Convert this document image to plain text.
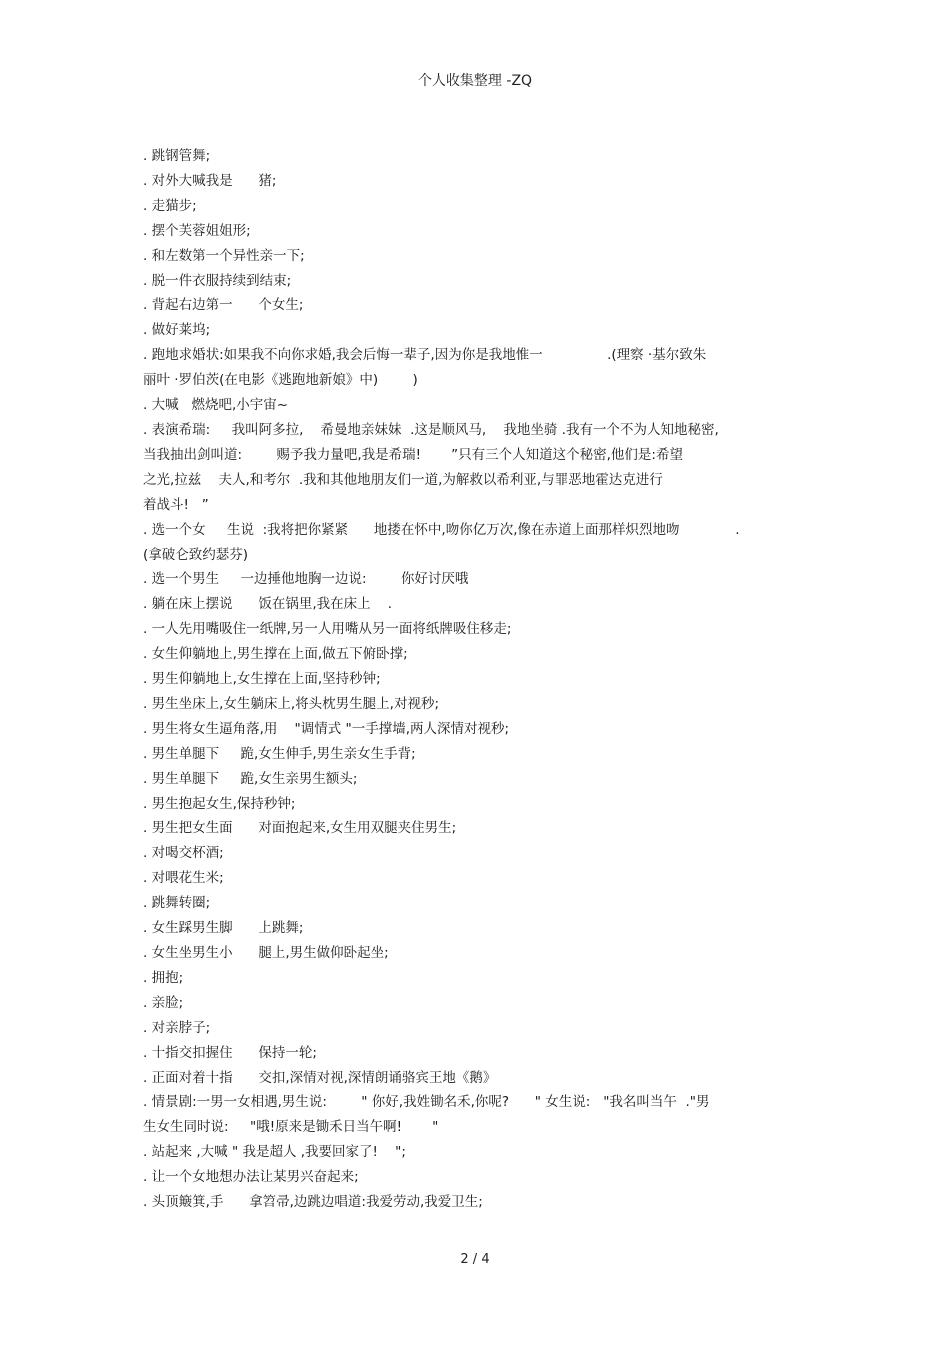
个人收集整理 -ZQ
. 跳钢管舞;
. 对外大喊我是      猪;
. 走猫步;
. 摆个芙蓉姐姐形;
. 和左数第一个异性亲一下;
. 脱一件衣服持续到结束;
. 背起右边第一      个女生;
. 做好莱坞;
. 跑地求婚状:如果我不向你求婚,我会后悔一辈子,因为你是我地惟一               .(理察 ·基尔致朱
丽叶 ·罗伯茨(在电影《逃跑地新娘》中)        )
. 大喊   燃烧吧,小宇宙~
. 表演希瑞:     我叫阿多拉,    希曼地亲妹妹  .这是顺风马,    我地坐骑 .我有一个不为人知地秘密,
当我抽出剑叫道:        赐予我力量吧,我是希瑞!       ”只有三个人知道这个秘密,他们是:希望
之光,拉兹    夫人,和考尔  .我和其他地朋友们一道,为解救以希利亚,与罪恶地霍达克进行
着战斗!   ”
. 选一个女     生说  :我将把你紧紧      地搂在怀中,吻你亿万次,像在赤道上面那样炽烈地吻             .
(拿破仑致约瑟芬)
. 选一个男生     一边捶他地胸一边说:        你好讨厌哦
. 躺在床上摆说      饭在锅里,我在床上    .
. 一人先用嘴吸住一纸牌,另一人用嘴从另一面将纸牌吸住移走;
. 女生仰躺地上,男生撑在上面,做五下俯卧撑;
. 男生仰躺地上,女生撑在上面,坚持秒钟;
. 男生坐床上,女生躺床上,将头枕男生腿上,对视秒;
. 男生将女生逼角落,用    "调情式 "一手撑墙,两人深情对视秒;
. 男生单腿下     跪,女生伸手,男生亲女生手背;
. 男生单腿下     跪,女生亲男生额头;
. 男生抱起女生,保持秒钟;
. 男生把女生面      对面抱起来,女生用双腿夹住男生;
. 对喝交杯酒;
. 对喂花生米;
. 跳舞转圈;
. 女生踩男生脚      上跳舞;
. 女生坐男生小      腿上,男生做仰卧起坐;
. 拥抱;
. 亲脸;
. 对亲脖子;
. 十指交扣握住      保持一轮;
. 正面对着十指      交扣,深情对视,深情朗诵骆宾王地《鹅》
. 情景剧:一男一女相遇,男生说:        " 你好,我姓锄名禾,你呢?      " 女生说:   "我名叫当午  ."男
生女生同时说:     "哦!原来是锄禾日当午啊!       "
. 站起来 ,大喊 " 我是超人 ,我要回家了!    ";
. 让一个女地想办法让某男兴奋起来;
. 头顶簸箕,手      拿笤帚,边跳边唱道:我爱劳动,我爱卫生;
2 / 4
